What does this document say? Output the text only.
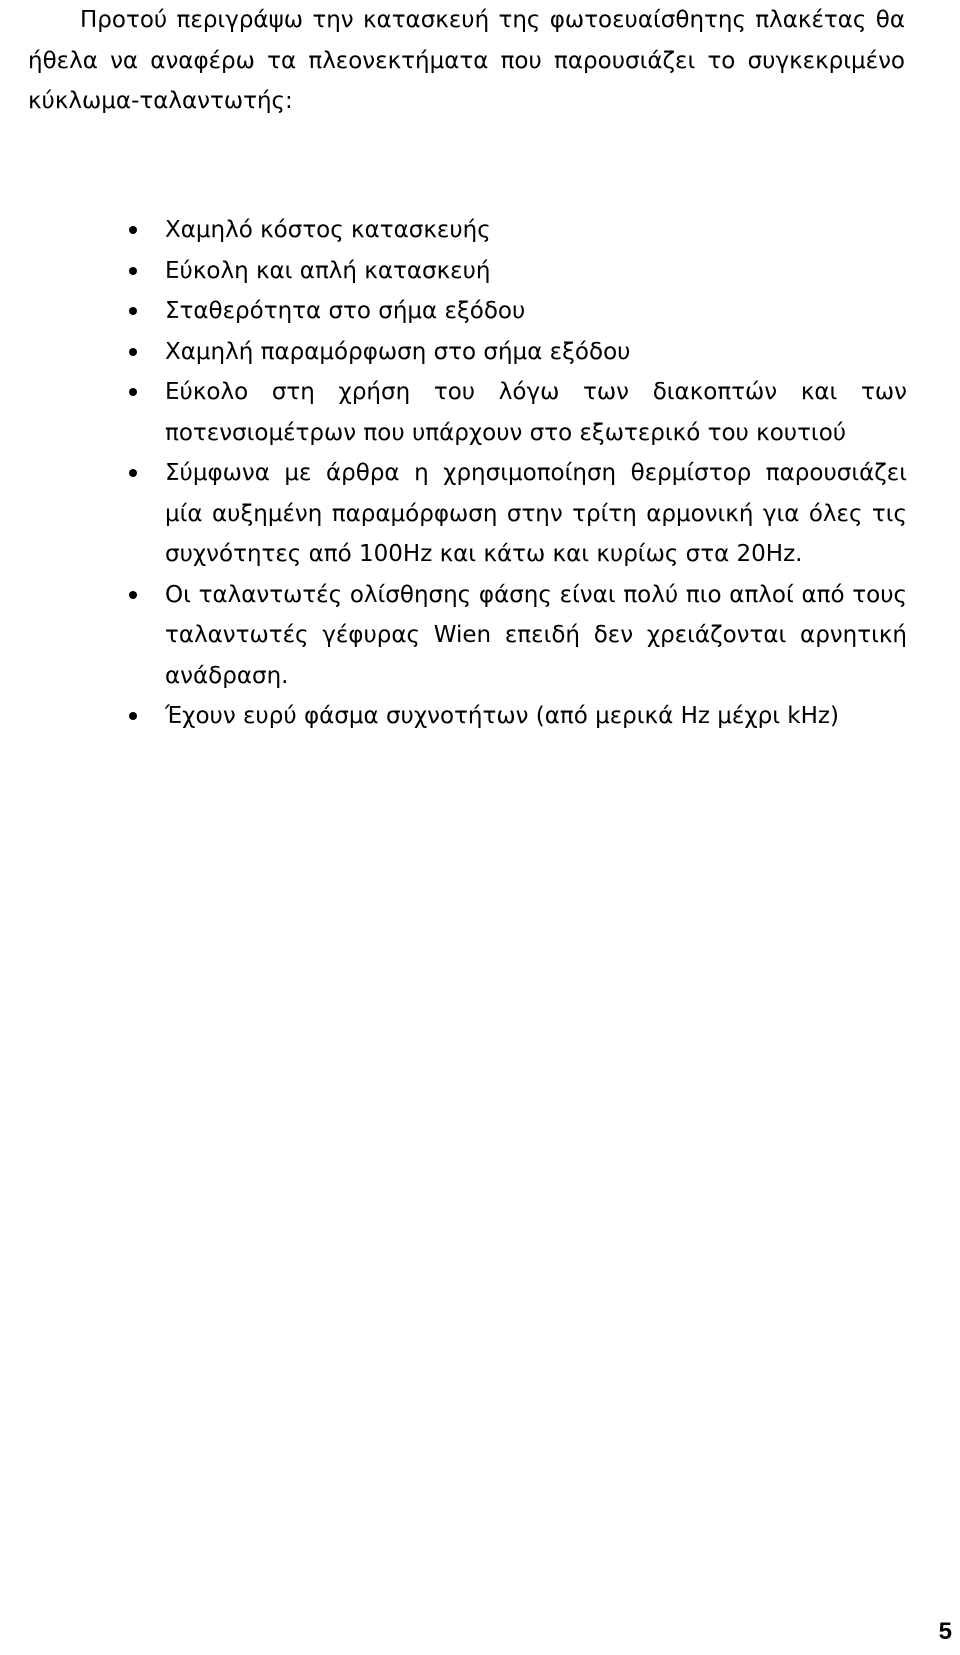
Προτού περιγράψω την κατασκευή της φωτοευαίσθητης πλακέτας θα ήθελα να αναφέρω τα πλεονεκτήματα που παρουσιάζει το συγκεκριμένο κύκλωμα-ταλαντωτής:

Χαμηλό κόστος κατασκευής
Εύκολη και απλή κατασκευή
Σταθερότητα στο σήμα εξόδου
Χαμηλή παραμόρφωση στο σήμα εξόδου
Εύκολο στη χρήση του λόγω των διακοπτών και των ποτενσιομέτρων που υπάρχουν στο εξωτερικό του κουτιού
Σύμφωνα με άρθρα η χρησιμοποίηση θερμίστορ παρουσιάζει μία αυξημένη παραμόρφωση στην τρίτη αρμονική για όλες τις συχνότητες από 100Hz και κάτω και κυρίως στα 20Hz.
Οι ταλαντωτές ολίσθησης φάσης είναι πολύ πιο απλοί από τους ταλαντωτές γέφυρας Wien επειδή δεν χρειάζονται αρνητική ανάδραση.
Έχουν ευρύ φάσμα συχνοτήτων (από μερικά Hz μέχρι kHz)
5
